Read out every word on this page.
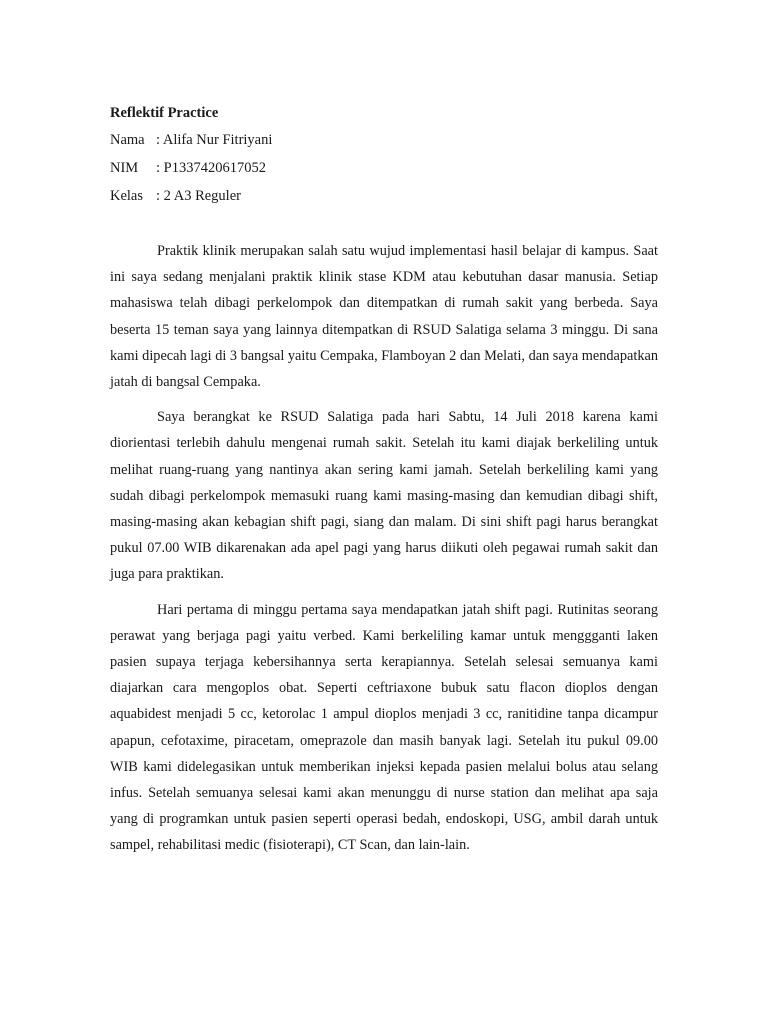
Reflektif Practice

Nama : Alifa Nur Fitriyani
NIM	: P1337420617052
Kelas : 2 A3 Reguler

Praktik klinik merupakan salah satu wujud implementasi hasil belajar di kampus. Saat ini saya sedang menjalani praktik klinik stase KDM atau kebutuhan dasar manusia. Setiap mahasiswa telah dibagi perkelompok dan ditempatkan di rumah sakit yang berbeda. Saya beserta 15 teman saya yang lainnya ditempatkan di RSUD Salatiga selama 3 minggu. Di sana kami dipecah lagi di 3 bangsal yaitu Cempaka, Flamboyan 2 dan Melati, dan saya mendapatkan jatah di bangsal Cempaka.

Saya berangkat ke RSUD Salatiga pada hari Sabtu, 14 Juli 2018 karena kami diorientasi terlebih dahulu mengenai rumah sakit. Setelah itu kami diajak berkeliling untuk melihat ruang-ruang yang nantinya akan sering kami jamah. Setelah berkeliling kami yang sudah dibagi perkelompok memasuki ruang kami masing-masing dan kemudian dibagi shift, masing-masing akan kebagian shift pagi, siang dan malam. Di sini shift pagi harus berangkat pukul 07.00 WIB dikarenakan ada apel pagi yang harus diikuti oleh pegawai rumah sakit dan juga para praktikan.

Hari pertama di minggu pertama saya mendapatkan jatah shift pagi. Rutinitas seorang perawat yang berjaga pagi yaitu verbed. Kami berkeliling kamar untuk menggganti laken pasien supaya terjaga kebersihannya serta kerapiannya. Setelah selesai semuanya kami diajarkan cara mengoplos obat. Seperti ceftriaxone bubuk satu flacon dioplos dengan aquabidest menjadi 5 cc, ketorolac 1 ampul dioplos menjadi 3 cc, ranitidine tanpa dicampur apapun, cefotaxime, piracetam, omeprazole dan masih banyak lagi. Setelah itu pukul 09.00 WIB kami didelegasikan untuk memberikan injeksi kepada pasien melalui bolus atau selang infus. Setelah semuanya selesai kami akan menunggu di nurse station dan melihat apa saja yang di programkan untuk pasien seperti operasi bedah, endoskopi, USG, ambil darah untuk sampel, rehabilitasi medic (fisioterapi), CT Scan, dan lain-lain.
